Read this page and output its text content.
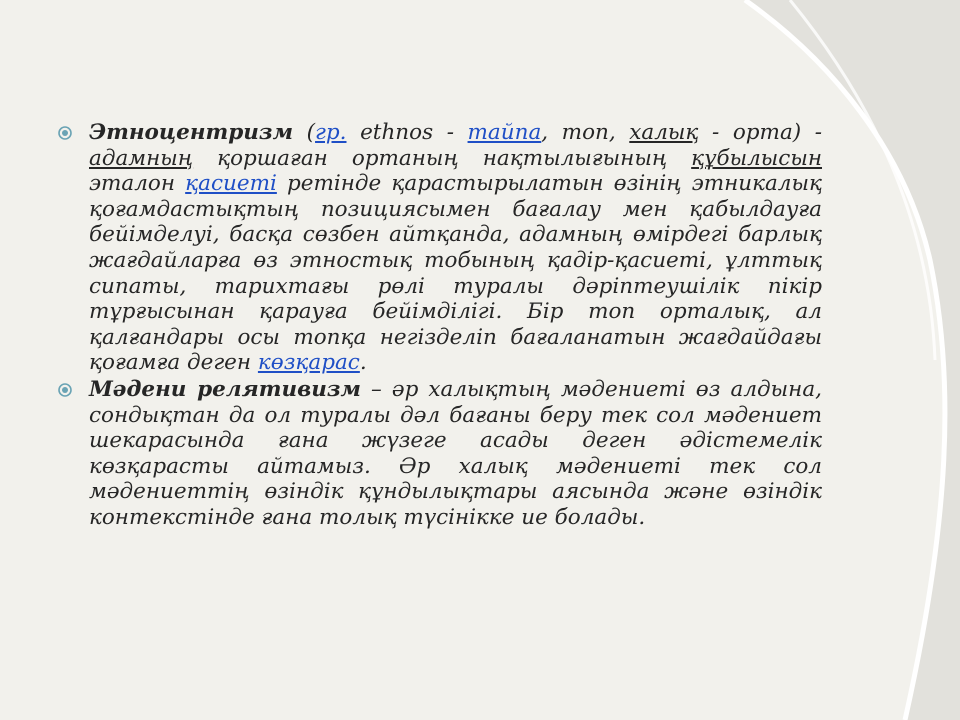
Этноцентризм (гр. ethnos - тайпа, топ, халық - орта) - адамның қоршаған ортаның нақтылығының құбылысын эталон қасиеті ретінде қарастырылатын өзінің этникалық қоғамдастықтың позициясымен бағалау мен қабылдауға бейімделуі, басқа сөзбен айтқанда, адамның өмірдегі барлық жағдайларға өз этностық тобының қадір-қасиеті, ұлттық сипаты, тарихтағы рөлі туралы дәріптеушілік пікір тұрғысынан қарауға бейімділігі. Бір топ орталық, ал қалғандары осы топқа негізделіп бағаланатын жағдайдағы қоғамға деген көзқарас.

Мәдени релятивизм – әр халықтың мәдениеті өз алдына, сондықтан да ол туралы дәл бағаны беру тек сол мәдениет шекарасында ғана жүзеге асады деген әдістемелік көзқарасты айтамыз. Әр халық мәдениеті тек сол мәдениеттің өзіндік құндылықтары аясында және өзіндік контекстінде ғана толық түсінікке ие болады.
